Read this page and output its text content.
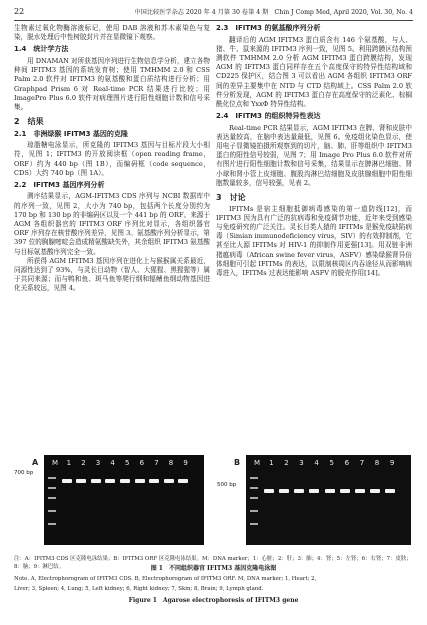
22	中国比较医学杂志 2020 年 4 月第 30 卷第 4 期　Chin J Comp Med, April 2020, Vol. 30, No. 4

生物素过氧化物酶溶液标记，使用 DAB 溶液和苏木素染色与复染，脱水处理后中性树胶封片并在显微镜下观察。

1.4　统计学方法

用 DNAMAN 对所获基因序列进行生物信息学分析，建立各物种间 IFITM3 基因的系统发育树；使用 TMHMM 2.0 和 CSS Palm 2.0 软件对 IFITM3 的氨基酸和蛋白质结构进行分析；用 Graphpad Prism 6 对 Real-time PCR 结果进行比较；用 ImagePro Plus 6.0 软件对病理图片进行阳性细胞计数和信号采集。

2　结果
2.1　非洲绿猴 IFITM3 基因的克隆

琼脂糖电泳显示，所克隆的 IFITM3 基因与目标片段大小相符，见图 1；IFITM3 的开放阅读框（open reading frame，ORF）约为 440 bp（图 1B），而编码框（code sequence，CDS）大约 740 bp（图 1A）。

2.2　IFITM3 基因序列分析

测序结果显示，AGM-IFITM3 CDS 序列与 NCBI 数据库中的序列一致，见图 2，大小为 740 bp，包括两个长度分别约为 170 bp 和 130 bp 的非编码区以及一个 441 bp 的 ORF。来源于 AGM 各组织器官的 IFITM3 ORF 序列比对显示，各组织器官 ORF 序列存在核苷酸序列差异，见图 3。氨基酸序列分析显示，第 397 位的胸腺嘧啶会造成精氨酸缺失外，其余组织 IFITM3 氨基酸与目标氨基酸序列完全一致。

所获得 AGM IFITM3 基因序列在进化上与猴猴属关系最近，同源性达到了 93%，与灵长目动物（智人、大猩猩、黑猩猩等）属于共同来源；而与鸭和鱼、斑马鱼等爬行纲和辐鳍鱼纲动物基因进化关系较远，见图 4。

2.3　IFITM3 的氨基酸序列分析

翻译后的 AGM IFITM3 蛋白质含有 146 个氨基酸，与人、猪、牛、鼠来源的 IFITM3 序列一致，见图 5。利用跨膜区结构预测软件 TMHMM 2.0 分析 AGM IFITM3 蛋白跨膜结构，发现 AGM 的 IFITM3 蛋白同样存在五个高度保守的特异性结构域和 CD225 保护区，结合图 3 可以看出 AGM 各组织 IFITM3 ORF 间的差异主要集中在 NTD 与 CTD 结构域上。CSS Palm 2.0 软件分析发现，AGM 的 IFITM3 蛋白存在高度保守的泛素化、棕榈酰化位点和 YxxΦ 特异性结构。

2.4　IFITM3 的组织特异性表达

Real-time PCR 结果显示，AGM IFITM3 在脾、肾和皮肤中表达量较高，在脑中表达量最低，见图 6。免疫组化染色显示，使用电子显微镜拍摄所观察到的切片，脑、肺、肝等组织中 IFITM3 蛋白的阳性信号较弱，见图 7；用 Image Pro Plus 6.0 软件对所有图片进行阳性细胞计数和信号采集，结果显示在脾淋巴细胞、肾小球和肾小管上皮细胞、腹股沟淋巴结细胞及皮肤腺细胞中阳性细胞数量较多，信号较强，见表 2。

3　讨论

IFITMs 是宿主细胞抵御病毒感染的第一道防线[12]，而 IFITM3 因为具有广泛的抗病毒和免疫调节功能，近年来受到感染与免疫研究的广泛关注。灵长目类人猿的 IFITMs 是猴免疫缺陷病毒（Simian immunodeficiency virus，SIV）的有效抑制剂，它甚至比人源 IFITMs 对 HIV-1 的抑制作用更强[13]。用双链非洲猪瘟病毒（African swine fever virus，ASFV）感染绿猴肾异倍体细胞可引起 IFITMs 的表达，以限制核周区内吞途径从而影响病毒进入，IFITMs 过表达能影响 ASFV 的脱壳作用[14]。

700 bp
A M 1 2 3 4 5 6 7 8 9
500 bp
B M 1 2 3 4 5 6 7 8 9
注：A：IFITM3 CDS 区克隆电泳结果；B：IFITM3 ORF 区克隆电泳结果。M：DNA marker；1：心脏；2：肝；3：肺；4：肾；5：左肾；6：右肾；7：皮肤；8：脑；9：淋巴结。	图 1　不同组织器官 IFITM3 基因克隆电泳图
Note. A, Electrophorogram of IFITM3 CDS. B, Electrophorogram of IFITM3 ORF. M, DNA marker; 1, Heart; 2,
Liver; 3, Spleen; 4, Lung; 5, Left kidney; 6, Right kidney; 7, Skin; 8, Brain; 9, Lymph gland.
Figure 1　Agarose electrophoresis of IFITM3 gene
